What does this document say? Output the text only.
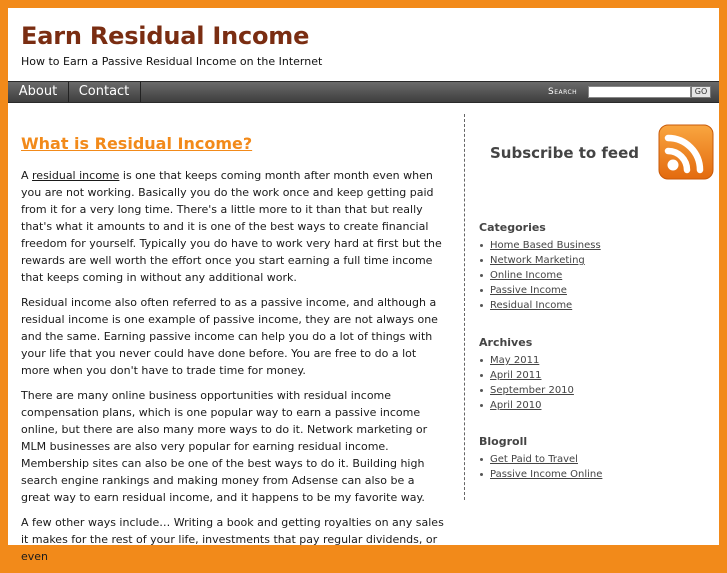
Earn Residual Income
How to Earn a Passive Residual Income on the Internet
About	Contact	Search	GO
What is Residual Income?

A residual income is one that keeps coming month after month even when you are not working. Basically you do the work once and keep getting paid from it for a very long time. There's a little more to it than that but really that's what it amounts to and it is one of the best ways to create financial freedom for yourself. Typically you do have to work very hard at first but the rewards are well worth the effort once you start earning a full time income that keeps coming in without any additional work.

Residual income also often referred to as a passive income, and although a residual income is one example of passive income, they are not always one and the same. Earning passive income can help you do a lot of things with your life that you never could have done before. You are free to do a lot more when you don't have to trade time for money.

There are many online business opportunities with residual income compensation plans, which is one popular way to earn a passive income online, but there are also many more ways to do it. Network marketing or MLM businesses are also very popular for earning residual income. Membership sites can also be one of the best ways to do it. Building high search engine rankings and making money from Adsense can also be a great way to earn residual income, and it happens to be my favorite way.

A few other ways include… Writing a book and getting royalties on any sales it makes for the rest of your life, investments that pay regular dividends, or even

Subscribe to feed
Categories
Home Based Business
Network Marketing
Online Income
Passive Income
Residual Income
Archives
May 2011
April 2011
September 2010
April 2010
Blogroll
Get Paid to Travel
Passive Income Online
